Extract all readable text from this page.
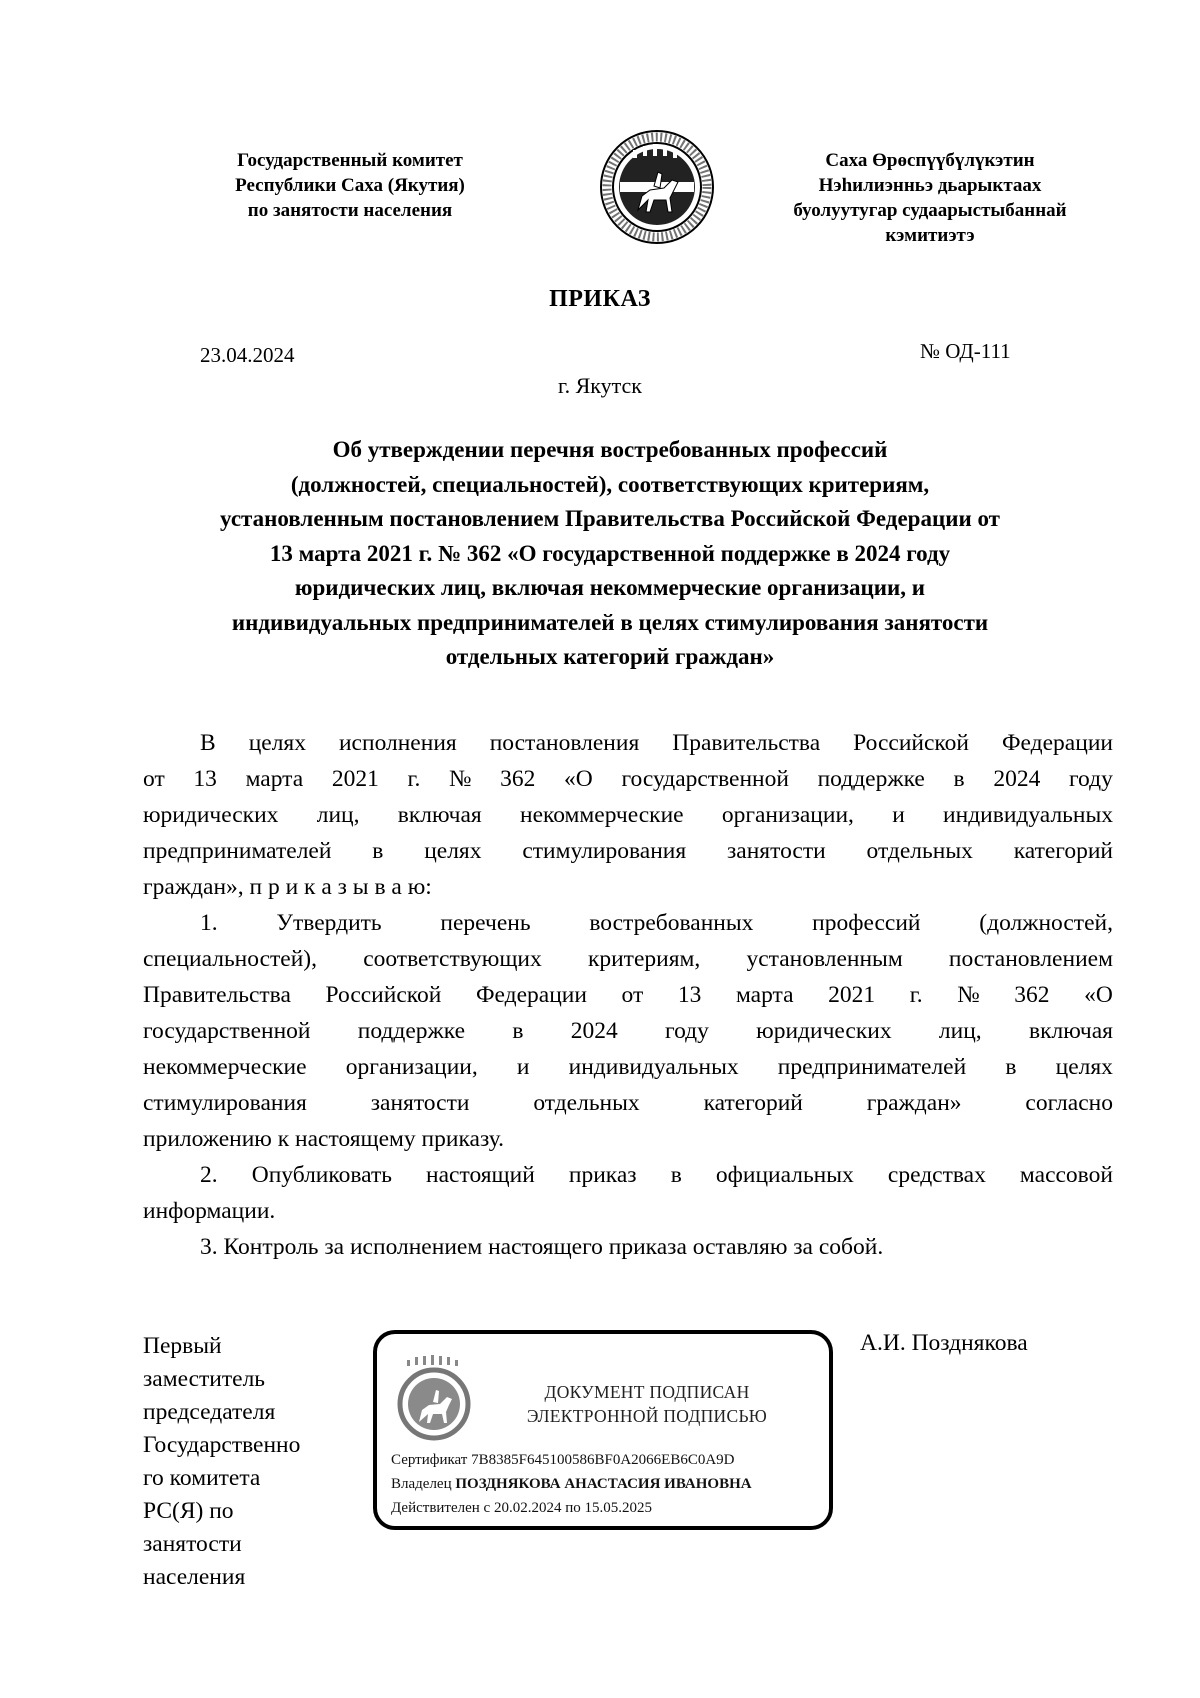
Государственный комитет
Республики Саха (Якутия)
по занятости населения
Саха Өрөспүүбүлүкэтин
Нэһилиэнньэ дьарыктаах
буолуутугар судаарыстыбаннай
кэмитиэтэ
ПРИКАЗ
23.04.2024	№ ОД-111
г. Якутск
Об утверждении перечня востребованных профессий
(должностей, специальностей), соответствующих критериям,
установленным постановлением Правительства Российской Федерации от
13 марта 2021 г. № 362 «О государственной поддержке в 2024 году
юридических лиц, включая некоммерческие организации, и
индивидуальных предпринимателей в целях стимулирования занятости
отдельных категорий граждан»
В целях исполнения постановления Правительства Российской Федерации
от 13 марта 2021 г. № 362 «О государственной поддержке в 2024 году
юридических лиц, включая некоммерческие организации, и индивидуальных
предпринимателей в целях стимулирования занятости отдельных категорий
граждан», п р и к а з ы в а ю:
1.	Утвердить	перечень	востребованных	профессий	(должностей,
специальностей), соответствующих критериям, установленным постановлением
Правительства Российской Федерации от 13 марта 2021 г. № 362 «О
государственной поддержке в 2024 году юридических лиц, включая
некоммерческие организации, и индивидуальных предпринимателей в целях
стимулирования	занятости	отдельных	категорий	граждан»	согласно
приложению к настоящему приказу.
2. Опубликовать настоящий приказ в официальных средствах массовой
информации.
3. Контроль за исполнением настоящего приказа оставляю за собой.
Первый
заместитель
председателя
Государственно
го комитета
РС(Я) по
занятости
населения
ДОКУМЕНТ ПОДПИСАН
ЭЛЕКТРОННОЙ ПОДПИСЬЮ
Сертификат 7B8385F645100586BF0A2066EB6C0A9D
Владелец ПОЗДНЯКОВА АНАСТАСИЯ ИВАНОВНА
Действителен с 20.02.2024 по 15.05.2025
А.И. Позднякова
